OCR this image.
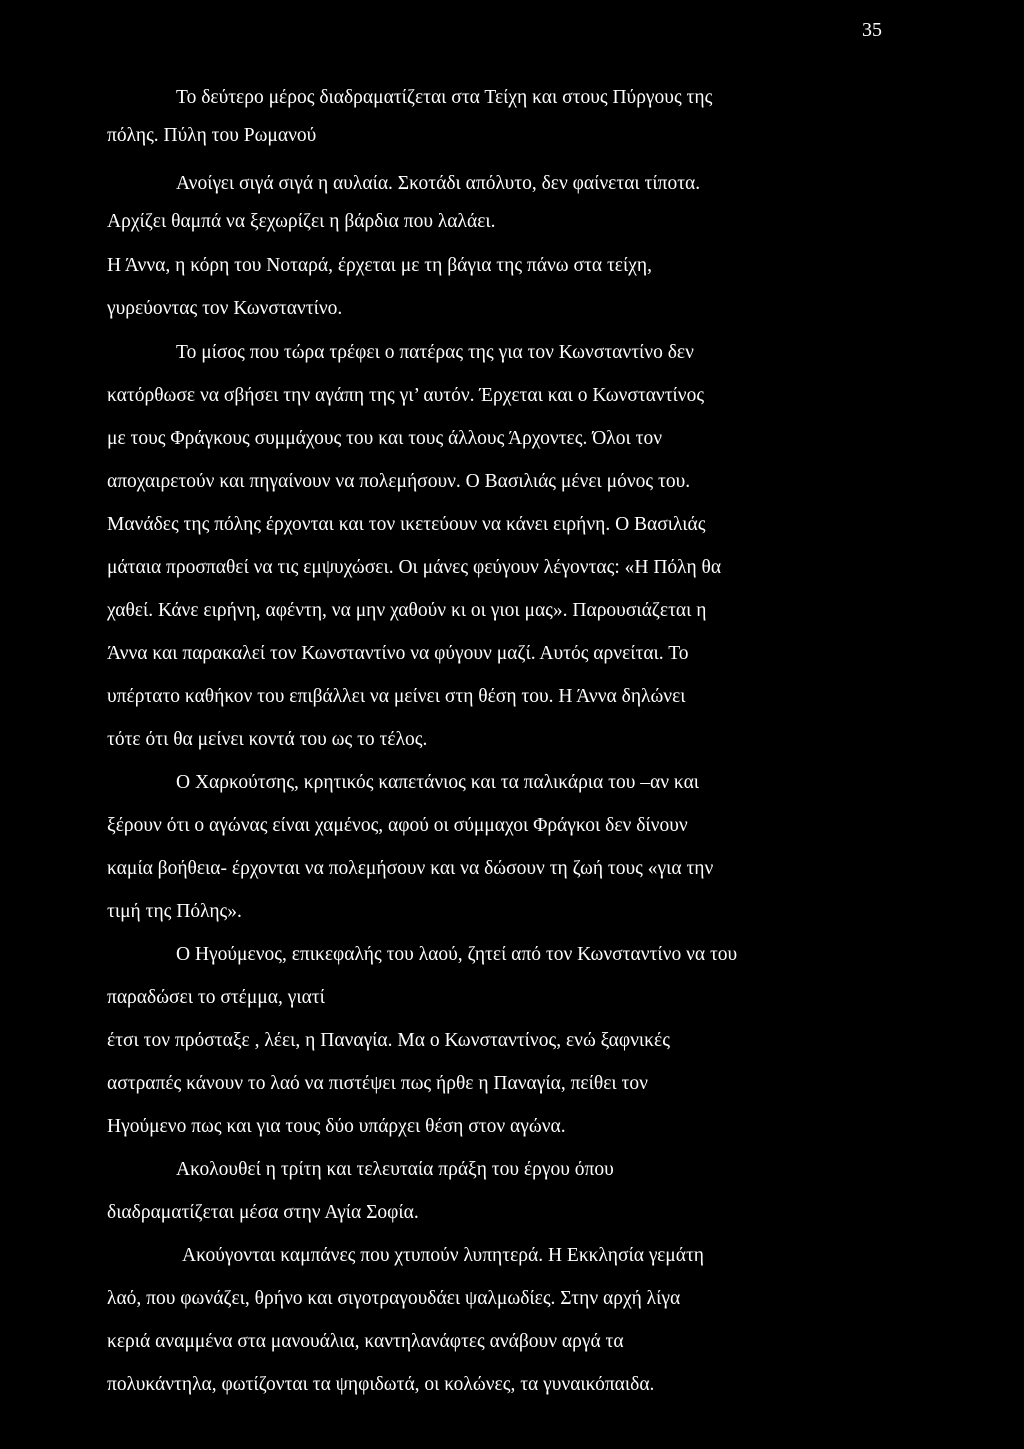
35
Το δεύτερο μέρος διαδραματίζεται στα Τείχη και στους Πύργους της
πόλης. Πύλη του Ρωμανού
Ανοίγει σιγά σιγά η αυλαία. Σκοτάδι απόλυτο, δεν φαίνεται τίποτα.
Αρχίζει θαμπά να ξεχωρίζει η βάρδια που λαλάει.
Η Άννα, η κόρη του Νοταρά, έρχεται με τη βάγια της πάνω στα τείχη,
γυρεύοντας τον Κωνσταντίνο.
Το μίσος που τώρα τρέφει ο πατέρας της για τον Κωνσταντίνο δεν
κατόρθωσε να σβήσει την αγάπη της γι’ αυτόν. Έρχεται και ο Κωνσταντίνος
με τους Φράγκους συμμάχους του και τους άλλους Άρχοντες. Όλοι τον
αποχαιρετούν και πηγαίνουν να πολεμήσουν. Ο Βασιλιάς μένει μόνος του.
Μανάδες της πόλης έρχονται και τον ικετεύουν να κάνει ειρήνη. Ο Βασιλιάς
μάταια προσπαθεί να τις εμψυχώσει. Οι μάνες φεύγουν λέγοντας: «Η Πόλη θα
χαθεί. Κάνε ειρήνη, αφέντη, να μην χαθούν κι οι γιοι μας». Παρουσιάζεται η
Άννα και παρακαλεί τον Κωνσταντίνο να φύγουν μαζί. Αυτός αρνείται. Το
υπέρτατο καθήκον του επιβάλλει να μείνει στη θέση του. Η Άννα δηλώνει
τότε ότι θα μείνει κοντά του ως το τέλος.
Ο Χαρκούτσης, κρητικός καπετάνιος και τα παλικάρια του –αν και
ξέρουν ότι ο αγώνας είναι χαμένος, αφού οι σύμμαχοι Φράγκοι δεν δίνουν
καμία βοήθεια- έρχονται να πολεμήσουν και να δώσουν τη ζωή τους «για την
τιμή της Πόλης».
Ο Ηγούμενος, επικεφαλής του λαού, ζητεί από τον Κωνσταντίνο να του
παραδώσει το στέμμα, γιατί
έτσι τον πρόσταξε , λέει, η Παναγία. Μα ο Κωνσταντίνος, ενώ ξαφνικές
αστραπές κάνουν το λαό να πιστέψει πως ήρθε η Παναγία, πείθει τον
Ηγούμενο πως και για τους δύο υπάρχει θέση στον αγώνα.
Ακολουθεί η τρίτη και τελευταία πράξη του έργου όπου
διαδραματίζεται μέσα στην Αγία Σοφία.
Ακούγονται καμπάνες που χτυπούν λυπητερά. Η Εκκλησία γεμάτη
λαό, που φωνάζει, θρήνο και σιγοτραγουδάει ψαλμωδίες. Στην αρχή λίγα
κεριά αναμμένα στα μανουάλια, καντηλανάφτες ανάβουν αργά τα
πολυκάντηλα, φωτίζονται τα ψηφιδωτά, οι κολώνες, τα γυναικόπαιδα.
